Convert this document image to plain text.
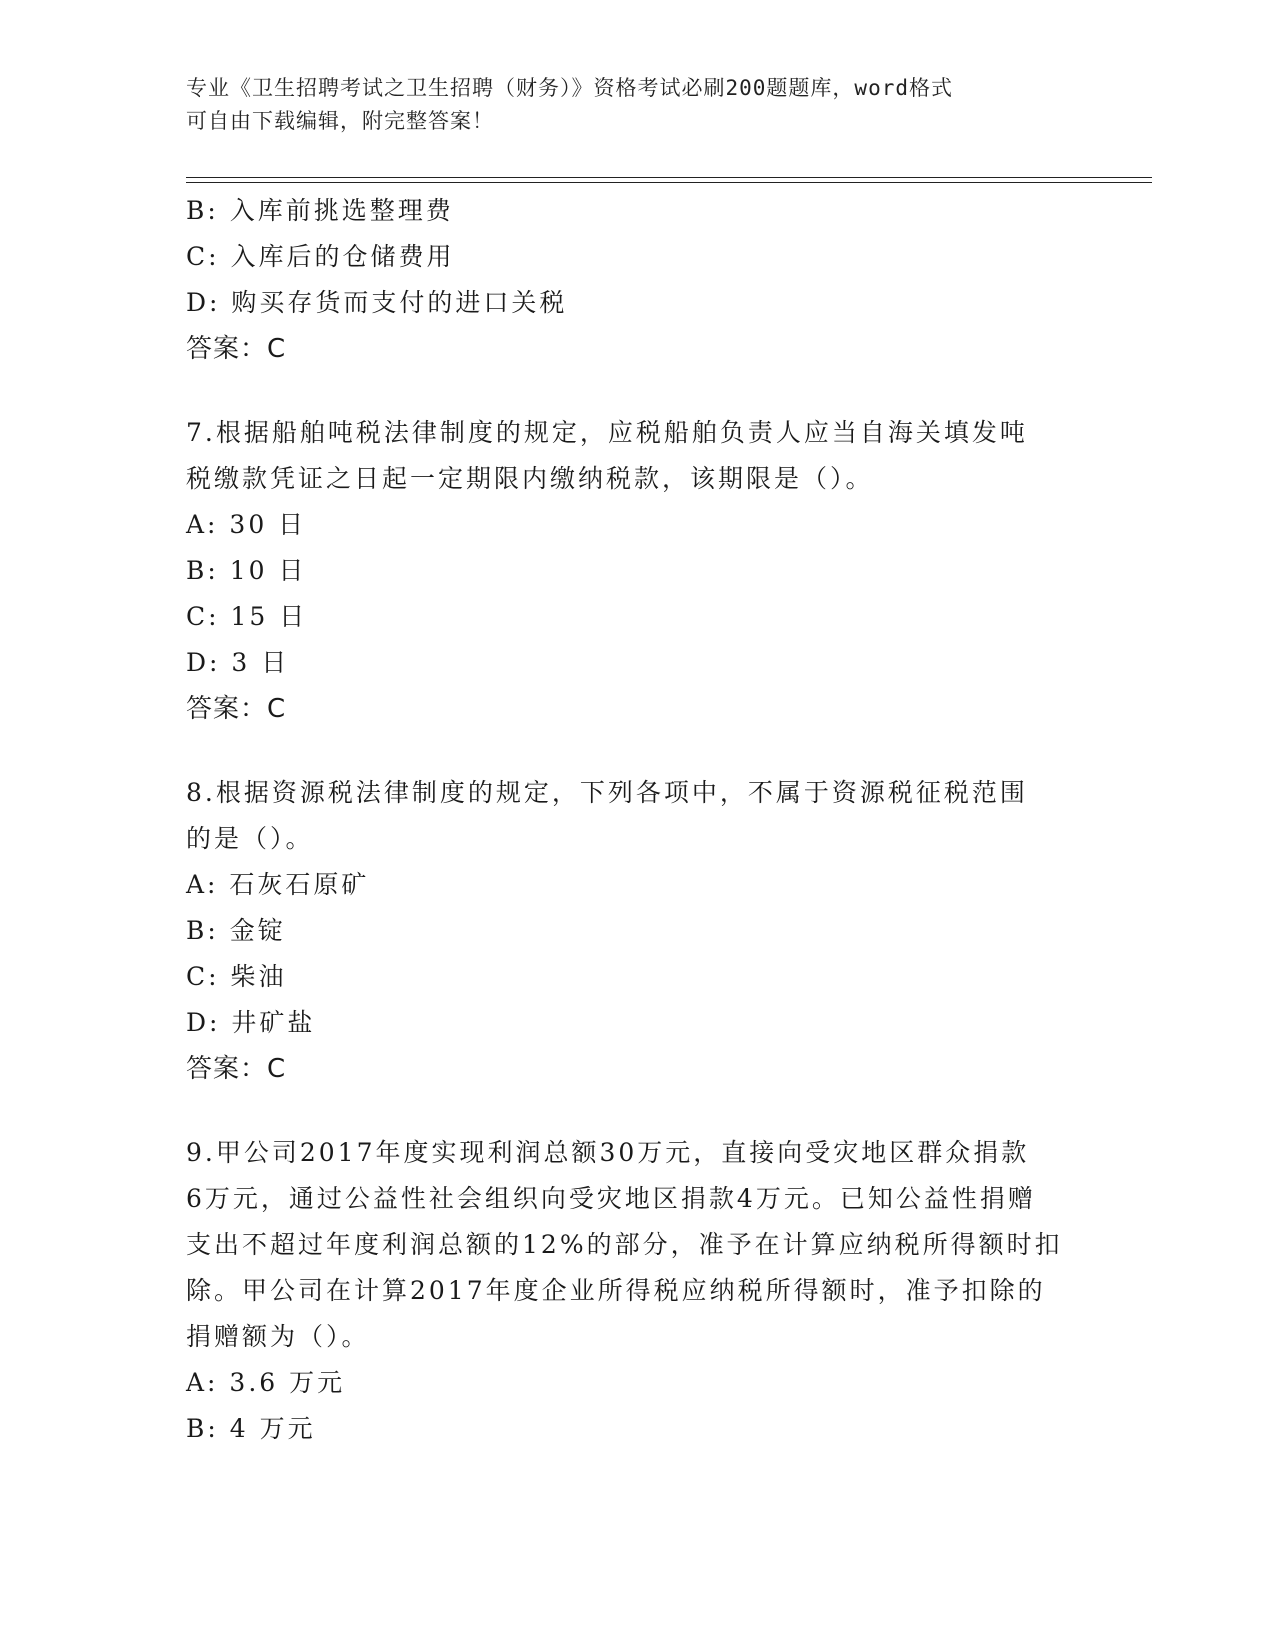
专业《卫生招聘考试之卫生招聘（财务）》资格考试必刷200题题库，word格式
可自由下载编辑，附完整答案！
B: 入库前挑选整理费
C: 入库后的仓储费用
D: 购买存货而支付的进口关税
答案：C
7.根据船舶吨税法律制度的规定，应税船舶负责人应当自海关填发吨
税缴款凭证之日起一定期限内缴纳税款，该期限是（）。
A: 30 日
B: 10 日
C: 15 日
D: 3 日
答案：C
8.根据资源税法律制度的规定，下列各项中，不属于资源税征税范围
的是（）。
A: 石灰石原矿
B: 金锭
C: 柴油
D: 井矿盐
答案：C
9.甲公司2017年度实现利润总额30万元，直接向受灾地区群众捐款
6万元，通过公益性社会组织向受灾地区捐款4万元。已知公益性捐赠
支出不超过年度利润总额的12%的部分，准予在计算应纳税所得额时扣
除。甲公司在计算2017年度企业所得税应纳税所得额时，准予扣除的
捐赠额为（）。
A: 3.6 万元
B: 4 万元
